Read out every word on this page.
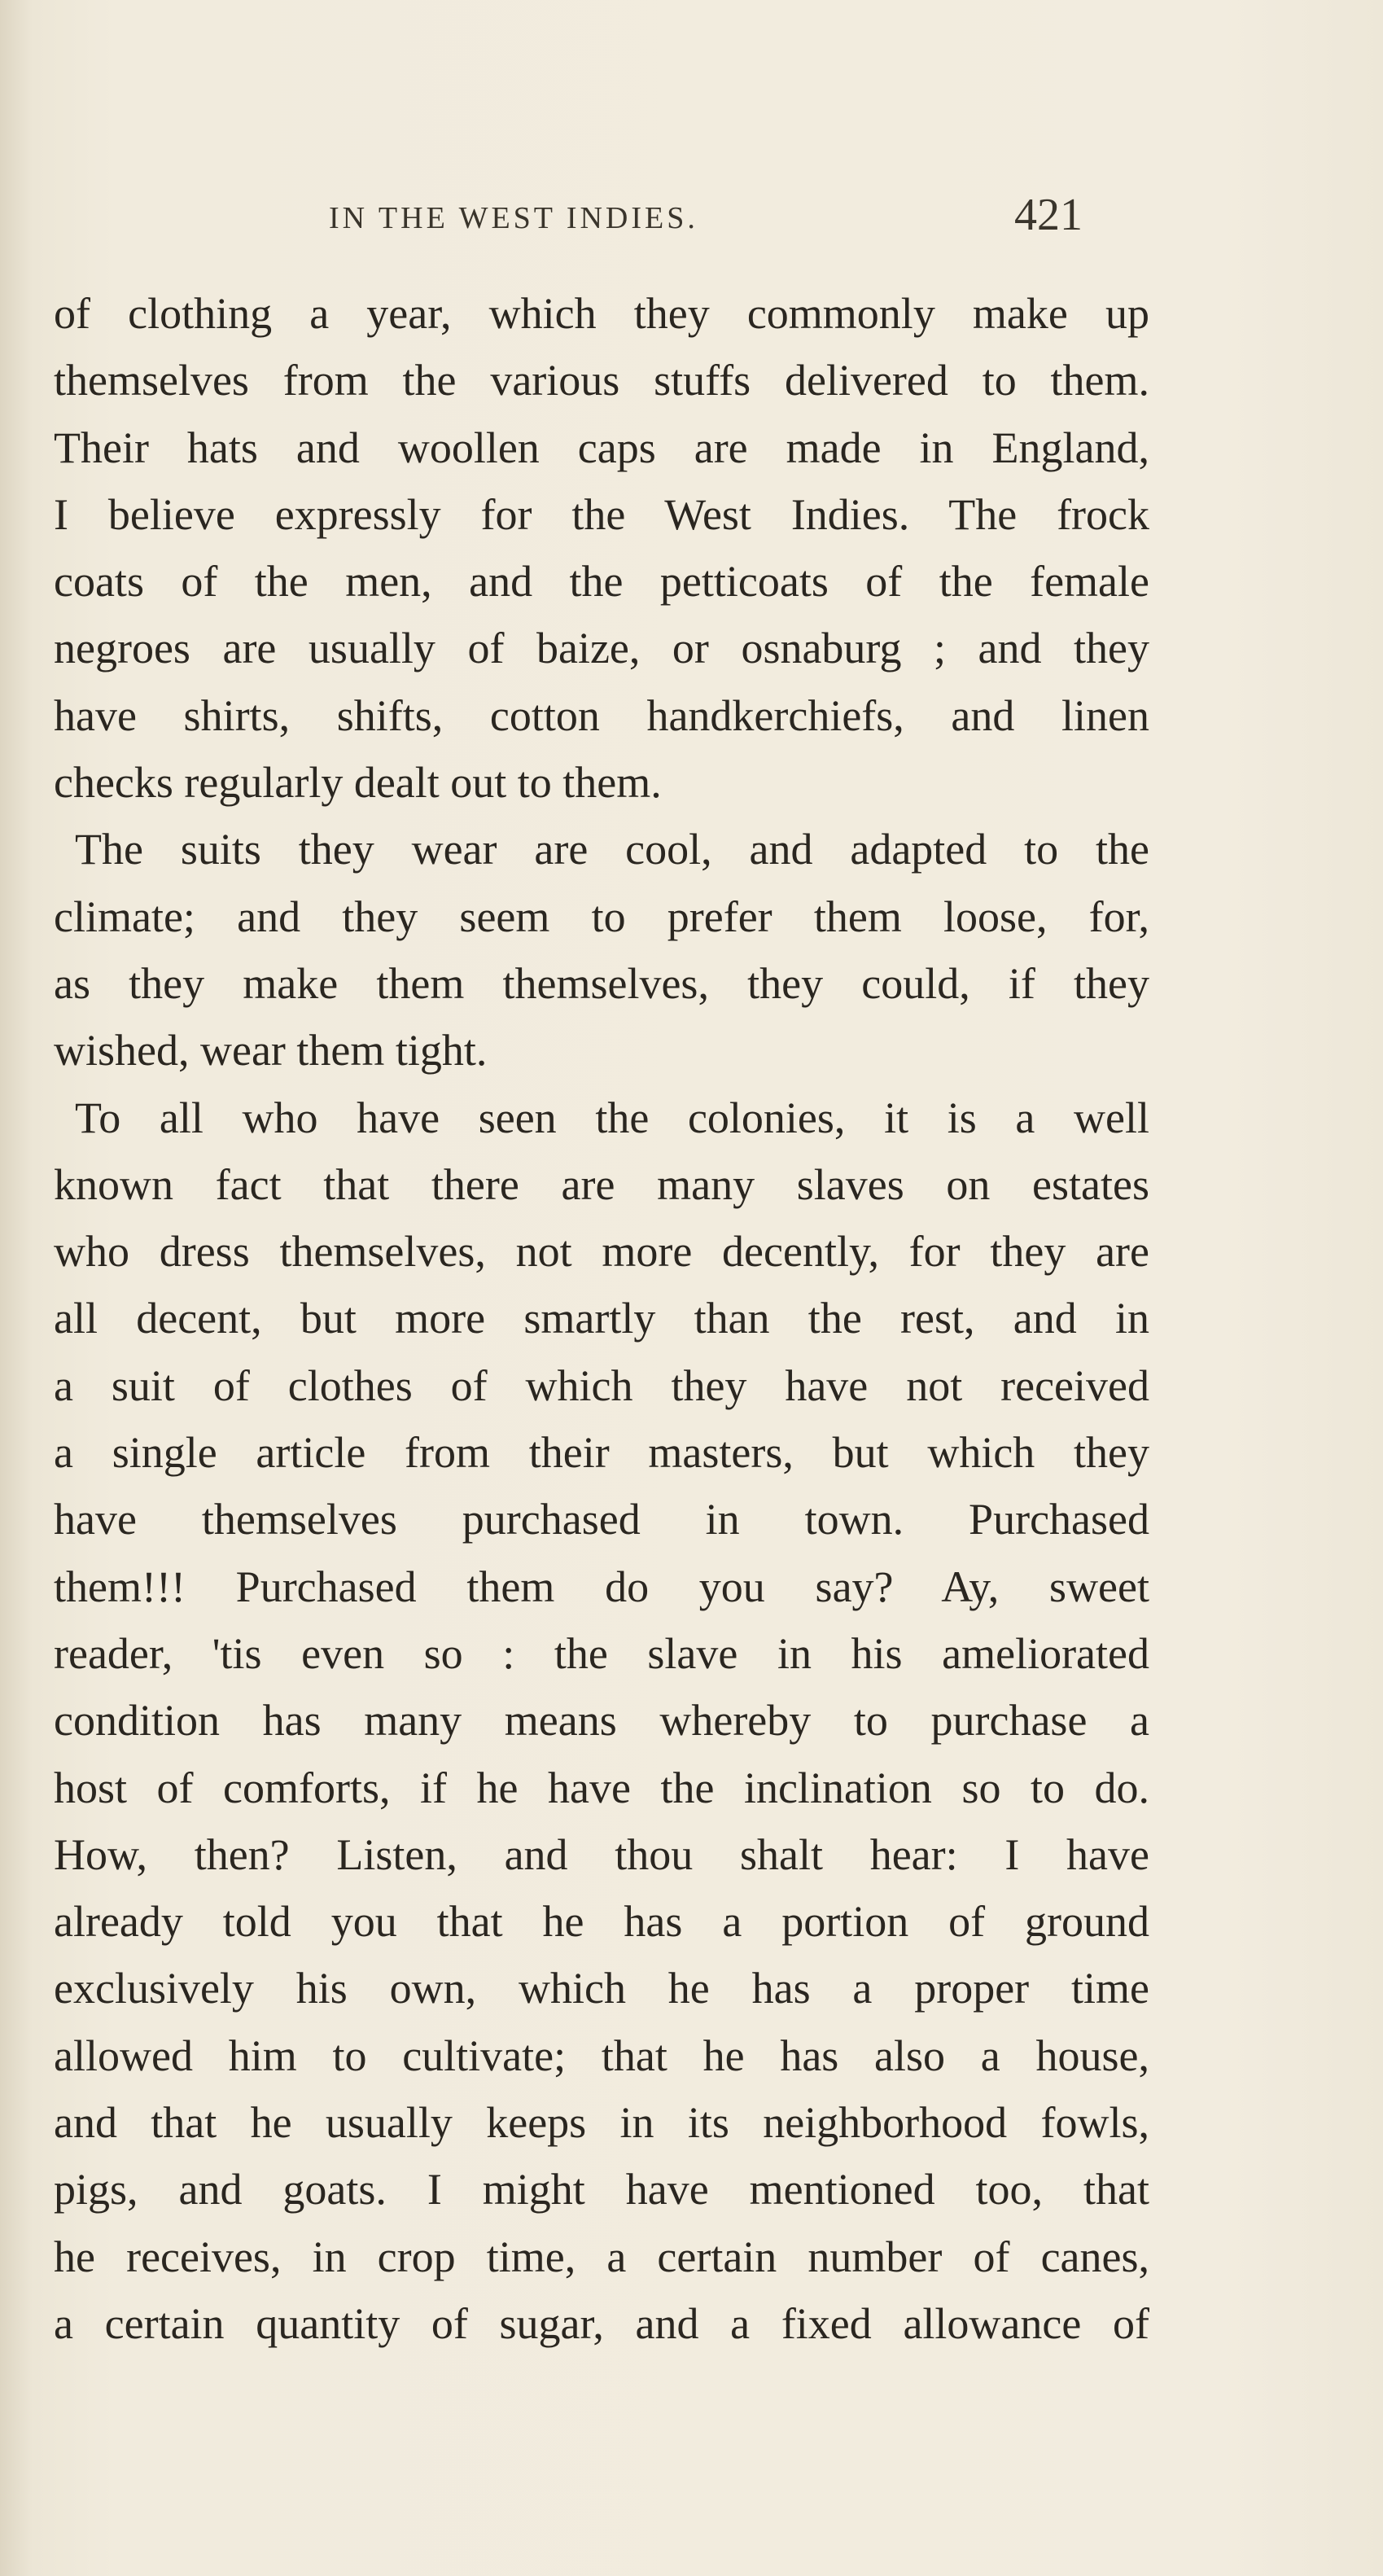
IN THE WEST INDIES.	421
of clothing a year, which they commonly make up
themselves from the various stuffs delivered to them.
Their hats and woollen caps are made in England,
I believe expressly for the West Indies. The frock
coats of the men, and the petticoats of the female
negroes are usually of baize, or osnaburg ; and they
have shirts, shifts, cotton handkerchiefs, and linen
checks regularly dealt out to them.
The suits they wear are cool, and adapted to the
climate; and they seem to prefer them loose, for,
as they make them themselves, they could, if they
wished, wear them tight.
To all who have seen the colonies, it is a well
known fact that there are many slaves on estates
who dress themselves, not more decently, for they are
all decent, but more smartly than the rest, and in
a suit of clothes of which they have not received
a single article from their masters, but which they
have themselves purchased in town. Purchased
them!!! Purchased them do you say? Ay, sweet
reader, 'tis even so : the slave in his ameliorated
condition has many means whereby to purchase a
host of comforts, if he have the inclination so to do.
How, then? Listen, and thou shalt hear: I have
already told you that he has a portion of ground
exclusively his own, which he has a proper time
allowed him to cultivate; that he has also a house,
and that he usually keeps in its neighborhood fowls,
pigs, and goats. I might have mentioned too, that
he receives, in crop time, a certain number of canes,
a certain quantity of sugar, and a fixed allowance of
